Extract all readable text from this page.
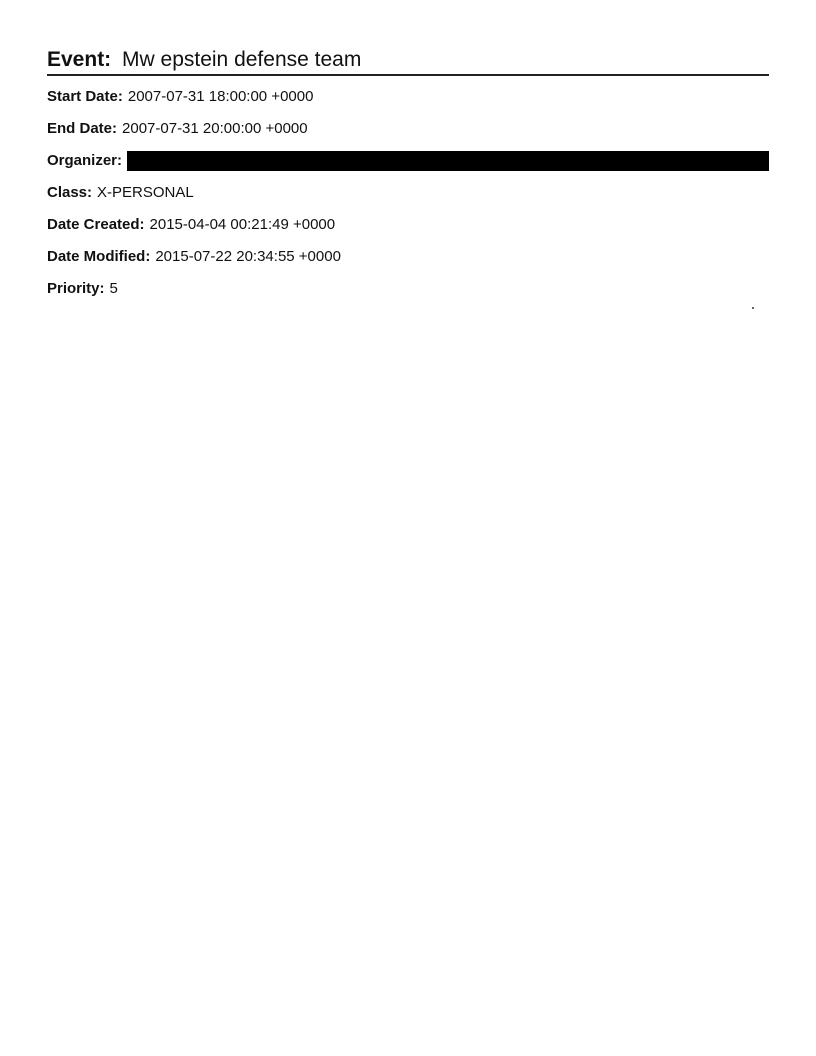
Event: Mw epstein defense team
Start Date: 2007-07-31 18:00:00 +0000
End Date: 2007-07-31 20:00:00 +0000
Organizer:
Class: X-PERSONAL
Date Created: 2015-04-04 00:21:49 +0000
Date Modified: 2015-07-22 20:34:55 +0000
Priority: 5
